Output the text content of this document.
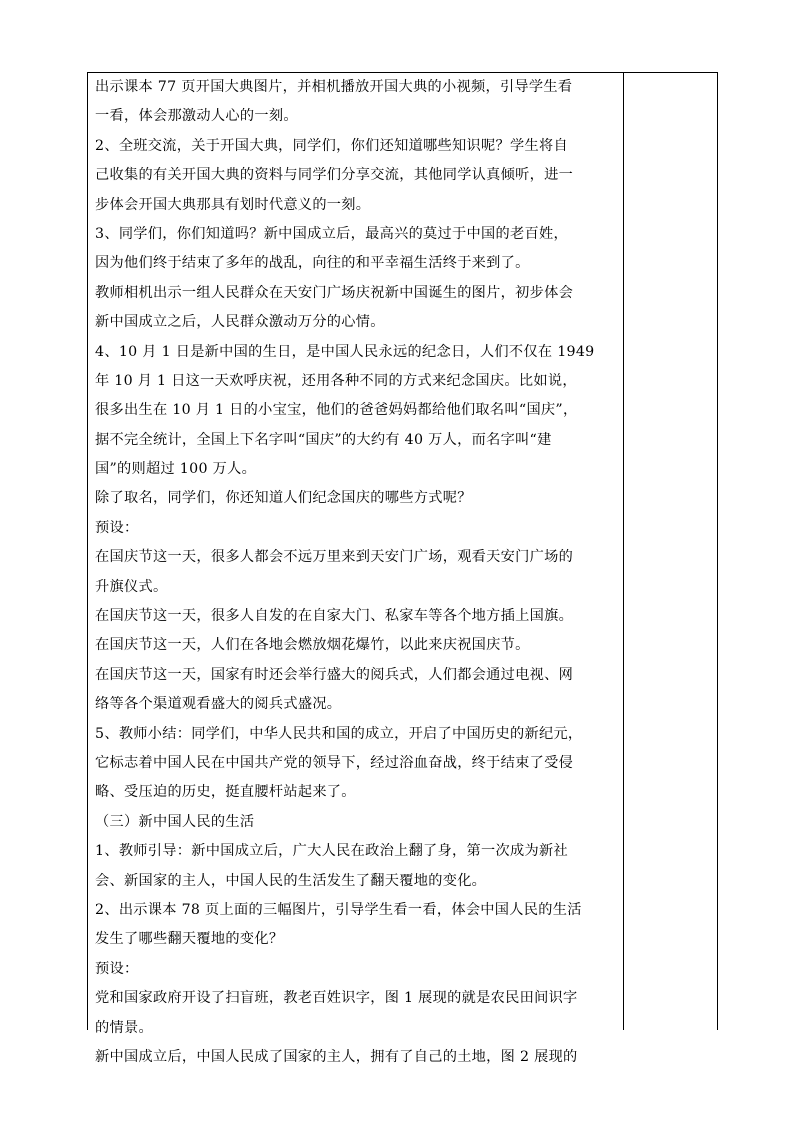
出示课本 77 页开国大典图片，并相机播放开国大典的小视频，引导学生看
一看，体会那激动人心的一刻。
2、全班交流，关于开国大典，同学们，你们还知道哪些知识呢？学生将自
己收集的有关开国大典的资料与同学们分享交流，其他同学认真倾听，进一
步体会开国大典那具有划时代意义的一刻。
3、同学们，你们知道吗？新中国成立后，最高兴的莫过于中国的老百姓，
因为他们终于结束了多年的战乱，向往的和平幸福生活终于来到了。
教师相机出示一组人民群众在天安门广场庆祝新中国诞生的图片，初步体会
新中国成立之后，人民群众激动万分的心情。
4、10 月 1 日是新中国的生日，是中国人民永远的纪念日，人们不仅在 1949
年 10 月 1 日这一天欢呼庆祝，还用各种不同的方式来纪念国庆。比如说，
很多出生在 10 月 1 日的小宝宝，他们的爸爸妈妈都给他们取名叫“国庆”，
据不完全统计，全国上下名字叫“国庆”的大约有 40 万人，而名字叫“建
国”的则超过 100 万人。
除了取名，同学们，你还知道人们纪念国庆的哪些方式呢？
预设：
在国庆节这一天，很多人都会不远万里来到天安门广场，观看天安门广场的
升旗仪式。
在国庆节这一天，很多人自发的在自家大门、私家车等各个地方插上国旗。
在国庆节这一天，人们在各地会燃放烟花爆竹，以此来庆祝国庆节。
在国庆节这一天，国家有时还会举行盛大的阅兵式，人们都会通过电视、网
络等各个渠道观看盛大的阅兵式盛况。
5、教师小结：同学们，中华人民共和国的成立，开启了中国历史的新纪元，
它标志着中国人民在中国共产党的领导下，经过浴血奋战，终于结束了受侵
略、受压迫的历史，挺直腰杆站起来了。
（三）新中国人民的生活
1、教师引导：新中国成立后，广大人民在政治上翻了身，第一次成为新社
会、新国家的主人，中国人民的生活发生了翻天覆地的变化。
2、出示课本 78 页上面的三幅图片，引导学生看一看，体会中国人民的生活
发生了哪些翻天覆地的变化？
预设：
党和国家政府开设了扫盲班，教老百姓识字，图 1 展现的就是农民田间识字
的情景。
新中国成立后，中国人民成了国家的主人，拥有了自己的土地，图 2 展现的
